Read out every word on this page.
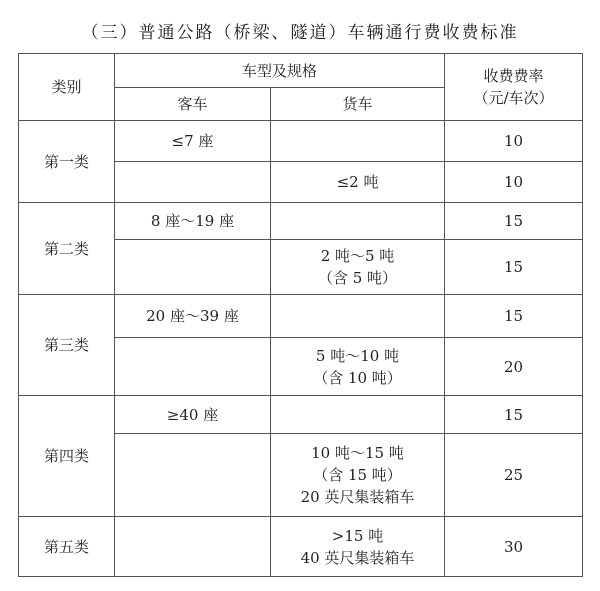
（三）普通公路（桥梁、隧道）车辆通行费收费标准
类别	车型及规格		收费费率
（元/车次）

	客车	货车	
第一类	≤7 座		10

		≤2 吨	10
第二类	8 座～19 座		15

		2 吨～5 吨
（含 5 吨）	15
第三类	20 座～39 座		15

		5 吨～10 吨
（含 10 吨）	20
第四类	≥40 座		15

		10 吨～15 吨
（含 15 吨）
20 英尺集装箱车	25
第五类		>15 吨
40 英尺集装箱车	30
